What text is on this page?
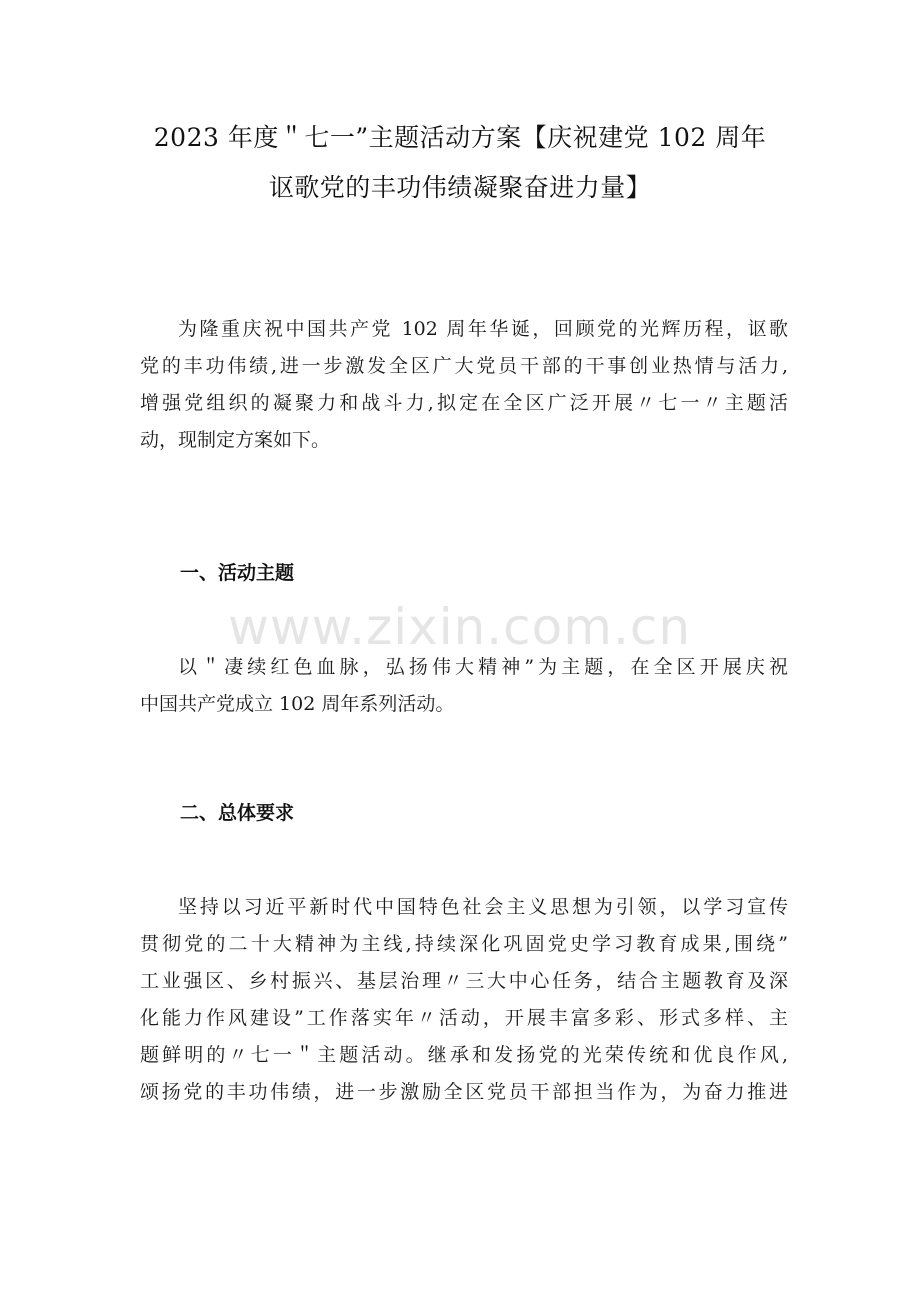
2023 年度＂七一”主题活动方案【庆祝建党 102 周年
讴歌党的丰功伟绩凝聚奋进力量】

为隆重庆祝中国共产党 102 周年华诞，回顾党的光辉历程，讴歌
党的丰功伟绩,进一步激发全区广大党员干部的干事创业热情与活力,
增强党组织的凝聚力和战斗力,拟定在全区广泛开展〃七一〃主题活
动，现制定方案如下。

一、活动主题
www.zixin.com.cn

以＂凄续红色血脉，弘扬伟大精神”为主题，在全区开展庆祝
中国共产党成立 102 周年系列活动。

二、总体要求

坚持以习近平新时代中国特色社会主义思想为引领，以学习宣传
贯彻党的二十大精神为主线,持续深化巩固党史学习教育成果,围绕”
工业强区、乡村振兴、基层治理〃三大中心任务，结合主题教育及深
化能力作风建设”工作落实年〃活动，开展丰富多彩、形式多样、主
题鲜明的〃七一＂主题活动。继承和发扬党的光荣传统和优良作风,
颂扬党的丰功伟绩，进一步激励全区党员干部担当作为，为奋力推进
